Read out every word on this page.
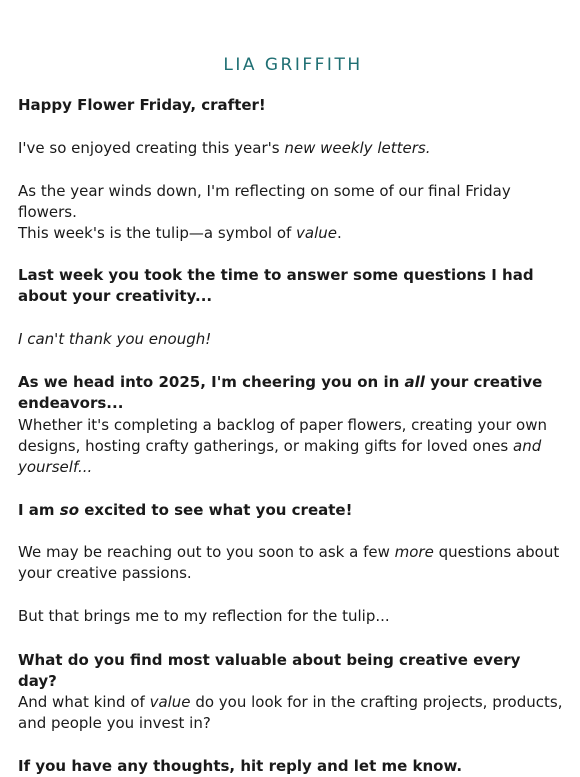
LIA GRIFFITH

Happy Flower Friday, crafter!

I've so enjoyed creating this year's new weekly letters.

As the year winds down, I'm reflecting on some of our final Friday flowers.

This week's is the tulip—a symbol of value.

Last week you took the time to answer some questions I had about your creativity...

I can't thank you enough!

As we head into 2025, I'm cheering you on in all your creative endeavors...

Whether it's completing a backlog of paper flowers, creating your own designs, hosting crafty gatherings, or making gifts for loved ones and yourself...

I am so excited to see what you create!

We may be reaching out to you soon to ask a few more questions about your creative passions.

But that brings me to my reflection for the tulip...

What do you find most valuable about being creative every day?

And what kind of value do you look for in the crafting projects, products, and people you invest in?

If you have any thoughts, hit reply and let me know.
